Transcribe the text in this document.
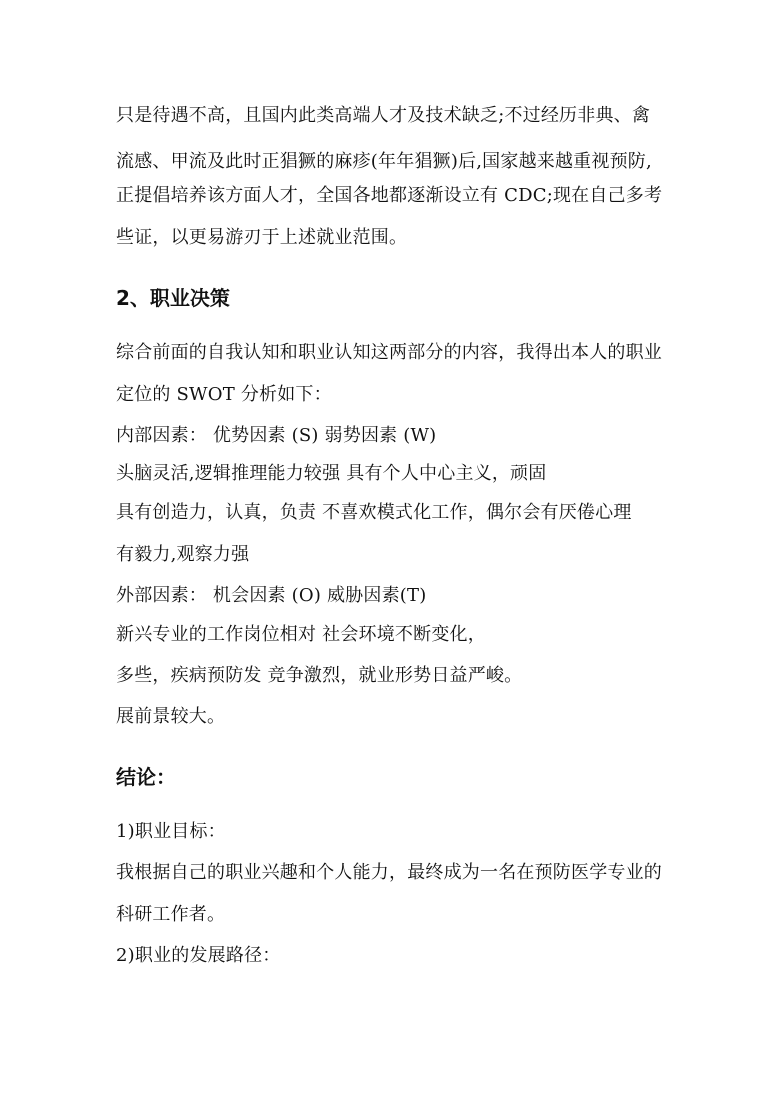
只是待遇不高，且国内此类高端人才及技术缺乏;不过经历非典、禽
流感、甲流及此时正猖獗的麻疹(年年猖獗)后,国家越来越重视预防,
正提倡培养该方面人才，全国各地都逐渐设立有 CDC;现在自己多考
些证，以更易游刃于上述就业范围。
2、职业决策
综合前面的自我认知和职业认知这两部分的内容，我得出本人的职业
定位的 SWOT 分析如下：
内部因素： 优势因素 (S) 弱势因素 (W)
头脑灵活,逻辑推理能力较强 具有个人中心主义，顽固
具有创造力，认真，负责 不喜欢模式化工作，偶尔会有厌倦心理
有毅力,观察力强
外部因素： 机会因素 (O) 威胁因素(T)
新兴专业的工作岗位相对 社会环境不断变化，
多些，疾病预防发 竞争激烈，就业形势日益严峻。
展前景较大。
结论：
1)职业目标：
我根据自己的职业兴趣和个人能力，最终成为一名在预防医学专业的
科研工作者。
2)职业的发展路径：
